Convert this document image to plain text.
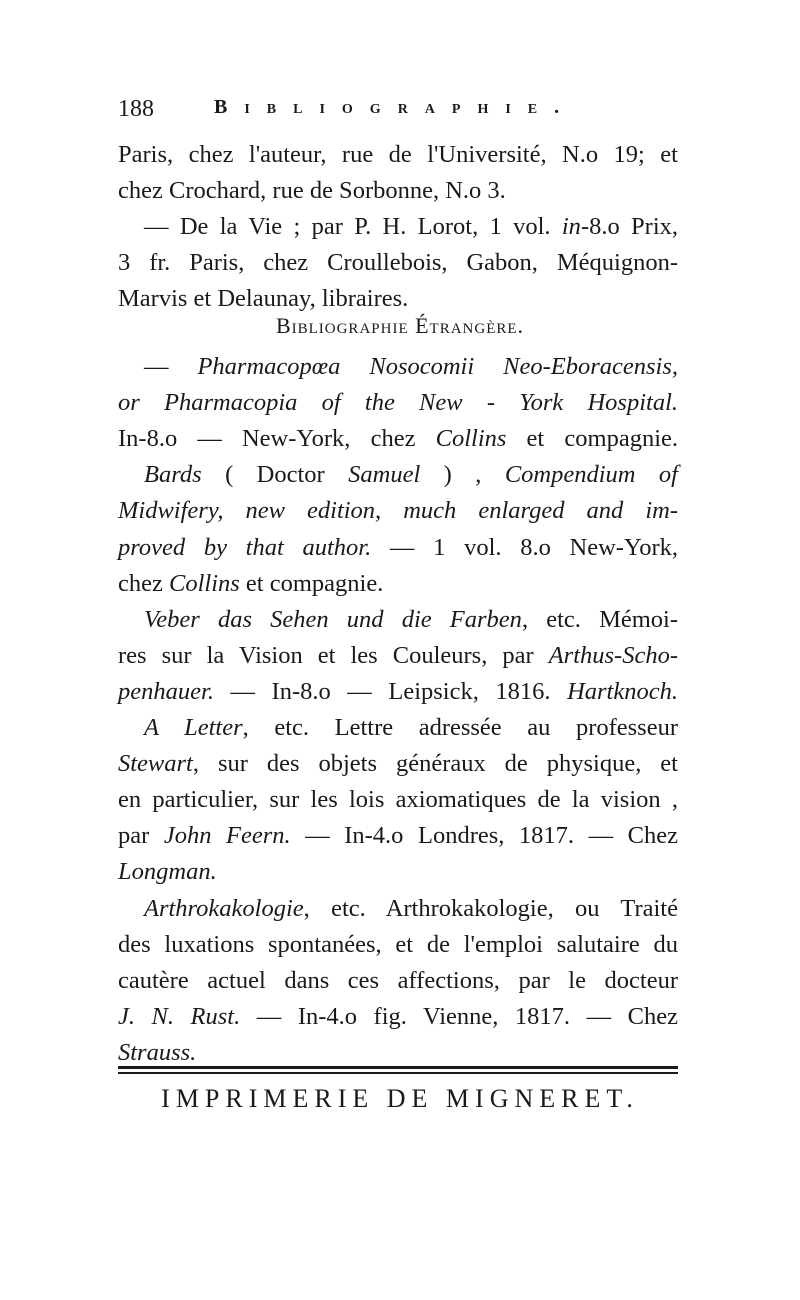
188	Bibliographie.
Paris, chez l'auteur, rue de l'Université, N.o 19; et
chez Crochard, rue de Sorbonne, N.o 3.
— De la Vie ; par P. H. Lorot, 1 vol. in-8.o Prix,
3 fr. Paris, chez Croullebois, Gabon, Méquignon-
Marvis et Delaunay, libraires.
Bibliographie Étrangère.
— Pharmacopœa Nosocomii Neo-Eboracensis,
or Pharmacopia of the New - York Hospital.
In-8.o — New-York, chez Collins et compagnie.
Bards ( Doctor Samuel ) , Compendium of
Midwifery, new edition, much enlarged and im-
proved by that author. — 1 vol. 8.o New-York,
chez Collins et compagnie.
Veber das Sehen und die Farben, etc. Mémoi-
res sur la Vision et les Couleurs, par Arthus-Scho-
penhauer. — In-8.o — Leipsick, 1816. Hartknoch.
A Letter, etc. Lettre adressée au professeur
Stewart, sur des objets généraux de physique, et
en particulier, sur les lois axiomatiques de la vision ,
par John Feern. — In-4.o Londres, 1817. — Chez
Longman.
Arthrokakologie, etc. Arthrokakologie, ou Traité
des luxations spontanées, et de l'emploi salutaire du
cautère actuel dans ces affections, par le docteur
J. N. Rust. — In-4.o fig. Vienne, 1817. — Chez
Strauss.
IMPRIMERIE DE MIGNERET.
